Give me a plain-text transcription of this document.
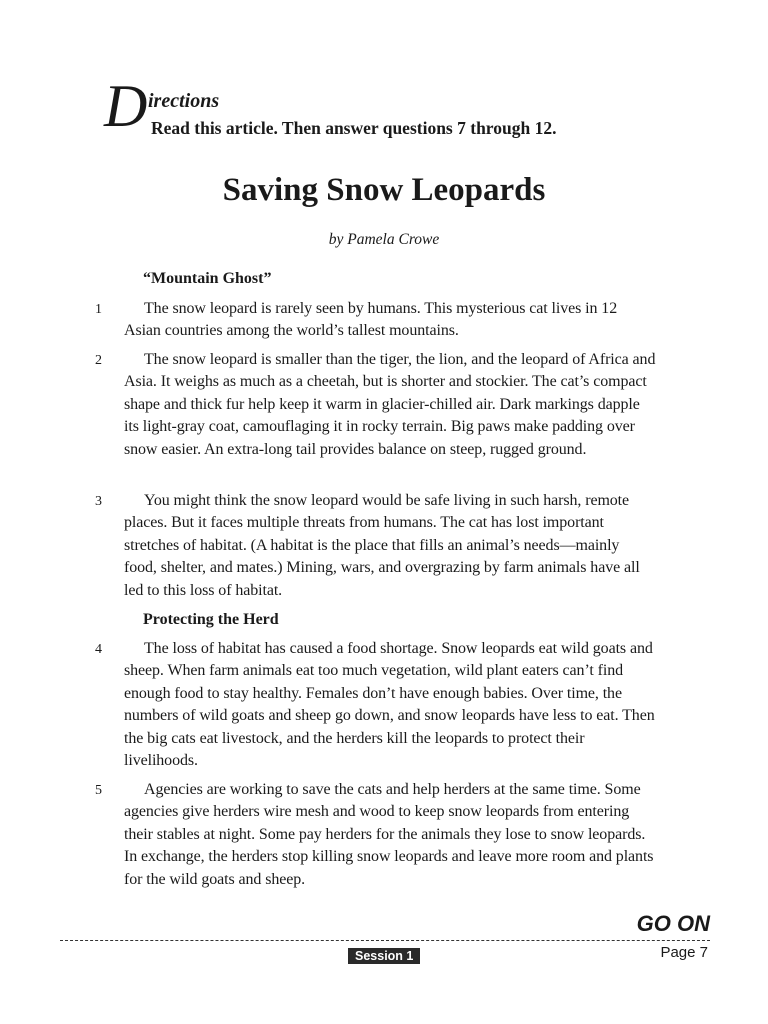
D irections
Read this article. Then answer questions 7 through 12.
Saving Snow Leopards
by Pamela Crowe
“Mountain Ghost”
1	The snow leopard is rarely seen by humans. This mysterious cat lives in 12 Asian countries among the world’s tallest mountains.

2	The snow leopard is smaller than the tiger, the lion, and the leopard of Africa and Asia. It weighs as much as a cheetah, but is shorter and stockier. The cat’s compact shape and thick fur help keep it warm in glacier-chilled air. Dark markings dapple its light-gray coat, camouflaging it in rocky terrain. Big paws make padding over snow easier. An extra-long tail provides balance on steep, rugged ground.

3	You might think the snow leopard would be safe living in such harsh, remote places. But it faces multiple threats from humans. The cat has lost important stretches of habitat. (A habitat is the place that fills an animal’s needs—mainly food, shelter, and mates.) Mining, wars, and overgrazing by farm animals have all led to this loss of habitat.

Protecting the Herd
4	The loss of habitat has caused a food shortage. Snow leopards eat wild goats and sheep. When farm animals eat too much vegetation, wild plant eaters can’t find enough food to stay healthy. Females don’t have enough babies. Over time, the numbers of wild goats and sheep go down, and snow leopards have less to eat. Then the big cats eat livestock, and the herders kill the leopards to protect their livelihoods.

5	Agencies are working to save the cats and help herders at the same time. Some agencies give herders wire mesh and wood to keep snow leopards from entering their stables at night. Some pay herders for the animals they lose to snow leopards. In exchange, the herders stop killing snow leopards and leave more room and plants for the wild goats and sheep.

GO ON
Session 1	Page 7
